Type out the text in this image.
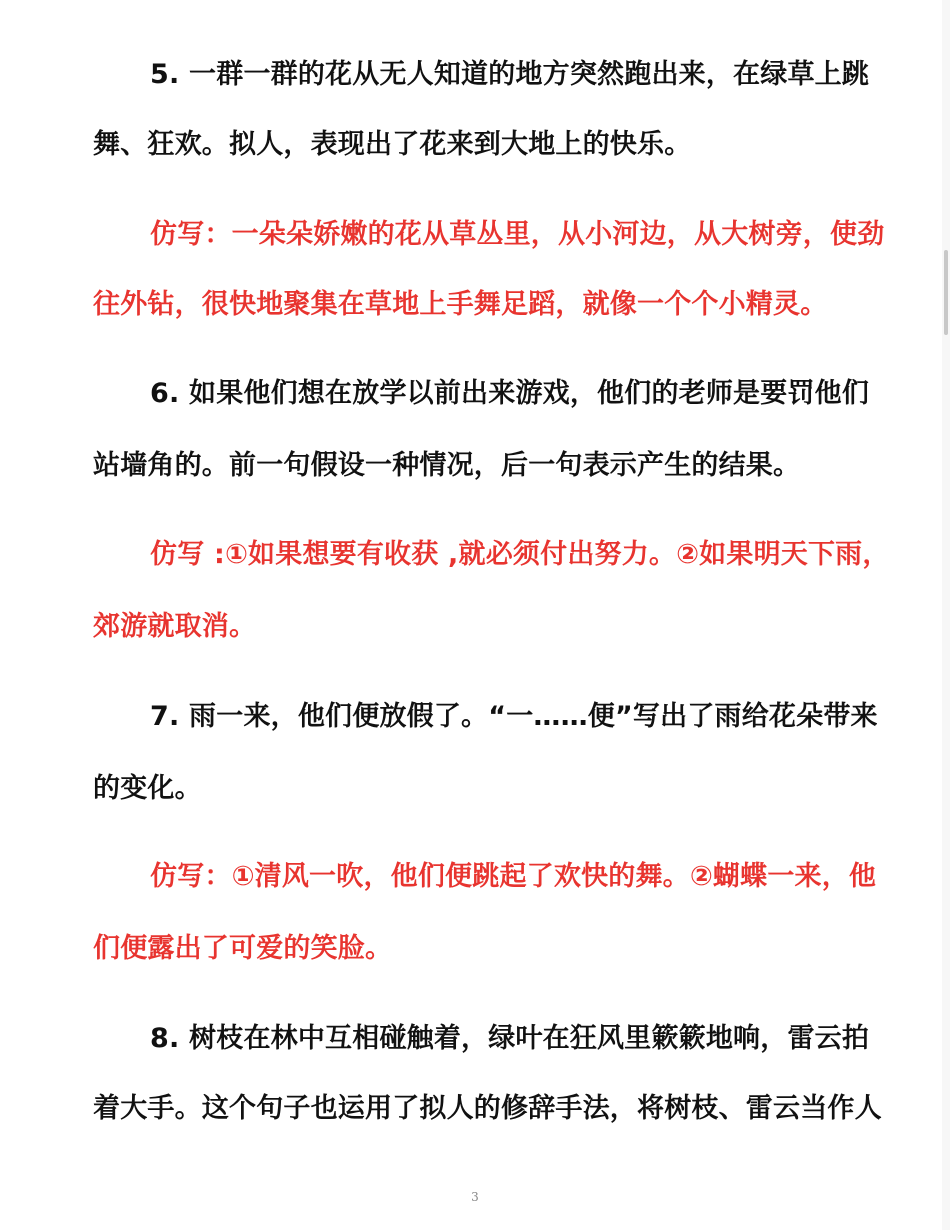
5. 一群一群的花从无人知道的地方突然跑出来，在绿草上跳
舞、狂欢。拟人，表现出了花来到大地上的快乐。
仿写：一朵朵娇嫩的花从草丛里，从小河边，从大树旁，使劲
往外钻，很快地聚集在草地上手舞足蹈，就像一个个小精灵。
6. 如果他们想在放学以前出来游戏，他们的老师是要罚他们
站墙角的。前一句假设一种情况，后一句表示产生的结果。
仿写 :①如果想要有收获 ,就必须付出努力。②如果明天下雨，
郊游就取消。
7. 雨一来，他们便放假了。“一……便”写出了雨给花朵带来
的变化。
仿写：①清风一吹，他们便跳起了欢快的舞。②蝴蝶一来，他
们便露出了可爱的笑脸。
8. 树枝在林中互相碰触着，绿叶在狂风里簌簌地响，雷云拍
着大手。这个句子也运用了拟人的修辞手法，将树枝、雷云当作人
3
